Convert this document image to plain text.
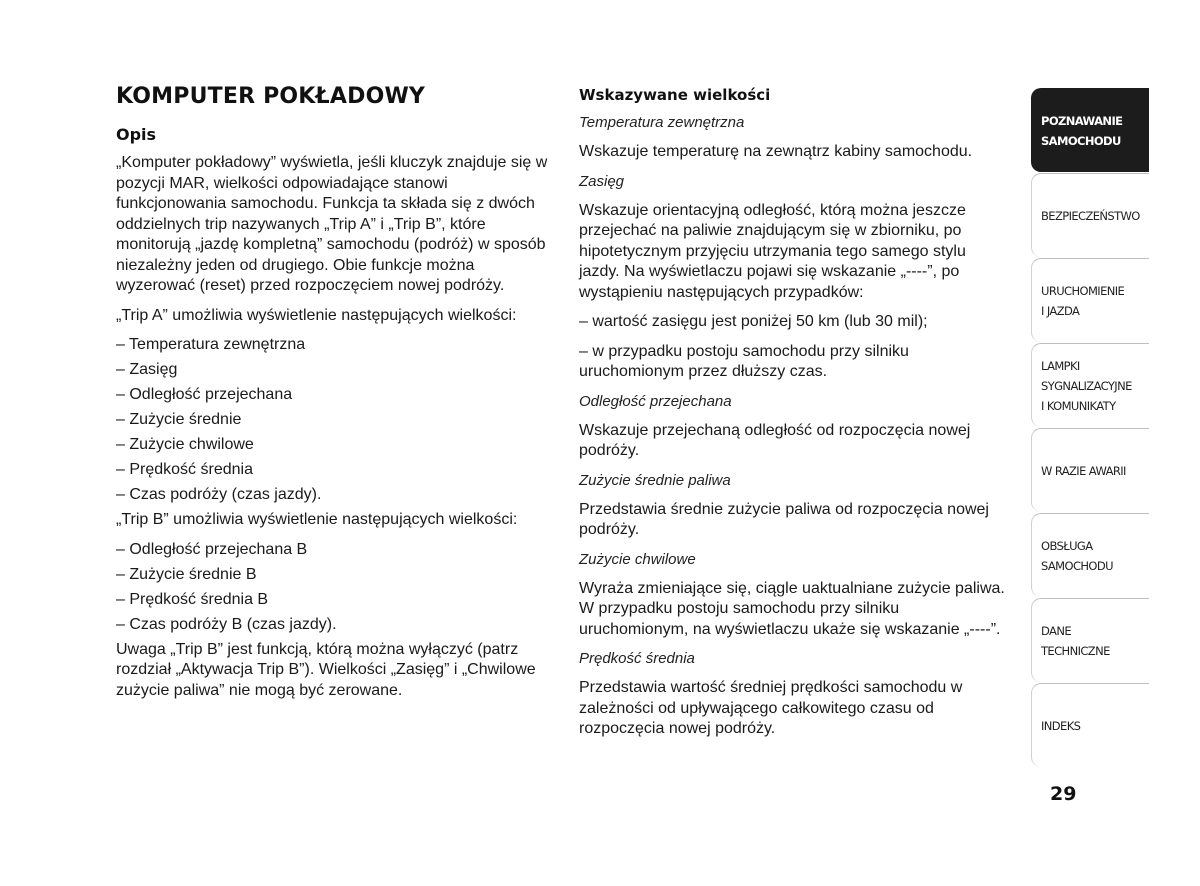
KOMPUTER POKŁADOWY
Opis

„Komputer pokładowy” wyświetla, jeśli kluczyk znajduje się w pozycji MAR, wielkości odpowiadające stanowi funkcjonowania samochodu. Funkcja ta składa się z dwóch oddzielnych trip nazywanych „Trip A” i „Trip B”, które monitorują „jazdę kompletną” samochodu (podróż) w sposób niezależny jeden od drugiego. Obie funkcje można wyzerować (reset) przed rozpoczęciem nowej podróży.

„Trip A” umożliwia wyświetlenie następujących wielkości:

– Temperatura zewnętrzna
– Zasięg
– Odległość przejechana
– Zużycie średnie
– Zużycie chwilowe
– Prędkość średnia
– Czas podróży (czas jazdy).

„Trip B” umożliwia wyświetlenie następujących wielkości:

– Odległość przejechana B
– Zużycie średnie B
– Prędkość średnia B
– Czas podróży B (czas jazdy).

Uwaga „Trip B” jest funkcją, którą można wyłączyć (patrz rozdział „Aktywacja Trip B”). Wielkości „Zasięg” i „Chwilowe zużycie paliwa” nie mogą być zerowane.

Wskazywane wielkości
Temperatura zewnętrzna

Wskazuje temperaturę na zewnątrz kabiny samochodu.

Zasięg

Wskazuje orientacyjną odległość, którą można jeszcze przejechać na paliwie znajdującym się w zbiorniku, po hipotetycznym przyjęciu utrzymania tego samego stylu jazdy. Na wyświetlaczu pojawi się wskazanie „----”, po wystąpieniu następujących przypadków:

– wartość zasięgu jest poniżej 50 km (lub 30 mil);

– w przypadku postoju samochodu przy silniku uruchomionym przez dłuższy czas.

Odległość przejechana

Wskazuje przejechaną odległość od rozpoczęcia nowej podróży.

Zużycie średnie paliwa

Przedstawia średnie zużycie paliwa od rozpoczęcia nowej podróży.

Zużycie chwilowe

Wyraża zmieniające się, ciągle uaktualniane zużycie paliwa. W przypadku postoju samochodu przy silniku uruchomionym, na wyświetlaczu ukaże się wskazanie „----”.

Prędkość średnia

Przedstawia wartość średniej prędkości samochodu w zależności od upływającego całkowitego czasu od rozpoczęcia nowej podróży.

POZNAWANIE
SAMOCHODU
BEZPIECZEŃSTWO
URUCHOMIENIE
I JAZDA
LAMPKI
SYGNALIZACYJNE
I KOMUNIKATY
W RAZIE AWARII
OBSŁUGA
SAMOCHODU
DANE
TECHNICZNE
INDEKS
29
